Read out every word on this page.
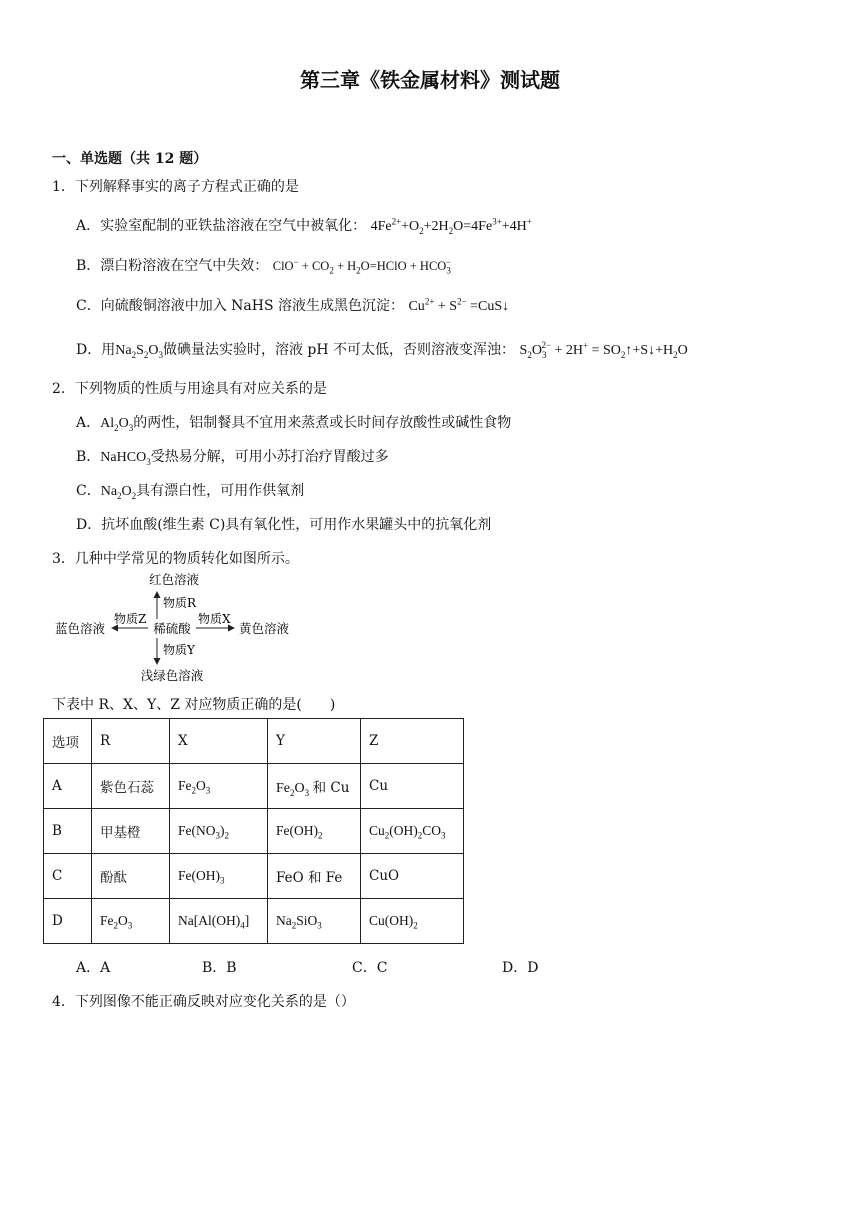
第三章《铁金属材料》测试题
一、单选题（共 12 题）
1．下列解释事实的离子方程式正确的是
A．实验室配制的亚铁盐溶液在空气中被氧化： $4Fe^{2+}+O_2+2H_2O=4Fe^{3+}+4H^+$
B．漂白粉溶液在空气中失效： $ClO^- + CO_2$ + $H_2O=HClO + HCO_3^-$
C．向硫酸铜溶液中加入 NaHS 溶液生成黑色沉淀： $Cu^{2+} + S^{2-}$ =CuS↓
D．用$Na_2S_2O_3$做碘量法实验时，溶液 pH 不可太低，否则溶液变浑浊： $S_2O_3^{2-} + 2H^+$ = $SO_2↑+S↓+H_2O$
2．下列物质的性质与用途具有对应关系的是
A．$Al_2O_3$的两性，铝制餐具不宜用来蒸煮或长时间存放酸性或碱性食物
B．NaHCO$_3$受热易分解，可用小苏打治疗胃酸过多
C．$Na_2O_2$具有漂白性，可用作供氧剂
D．抗坏血酸(维生素 C)具有氧化性，可用作水果罐头中的抗氧化剂
3．几种中学常见的物质转化如图所示。
红色溶液
蓝色溶液	稀硫酸	黄色溶液
浅绿色溶液
物质R
物质Z	物质X
物质Y
下表中 R、X、Y、Z 对应物质正确的是(　　)
选项	R	X	Y	Z
A	紫色石蕊	$Fe_2O_3$	$Fe_2O_3$ 和 Cu	Cu
B	甲基橙	$Fe(NO_3)_2$	$Fe(OH)_2$	$Cu_2(OH)_2CO_3$
C	酚酞	$Fe(OH)_3$	FeO 和 Fe	CuO
D	$Fe_2O_3$	$Na[Al(OH)_4]$	$Na_2SiO_3$	$Cu(OH)_2$
A．A	B．B	C．C	D．D
4．下列图像不能正确反映对应变化关系的是（）
